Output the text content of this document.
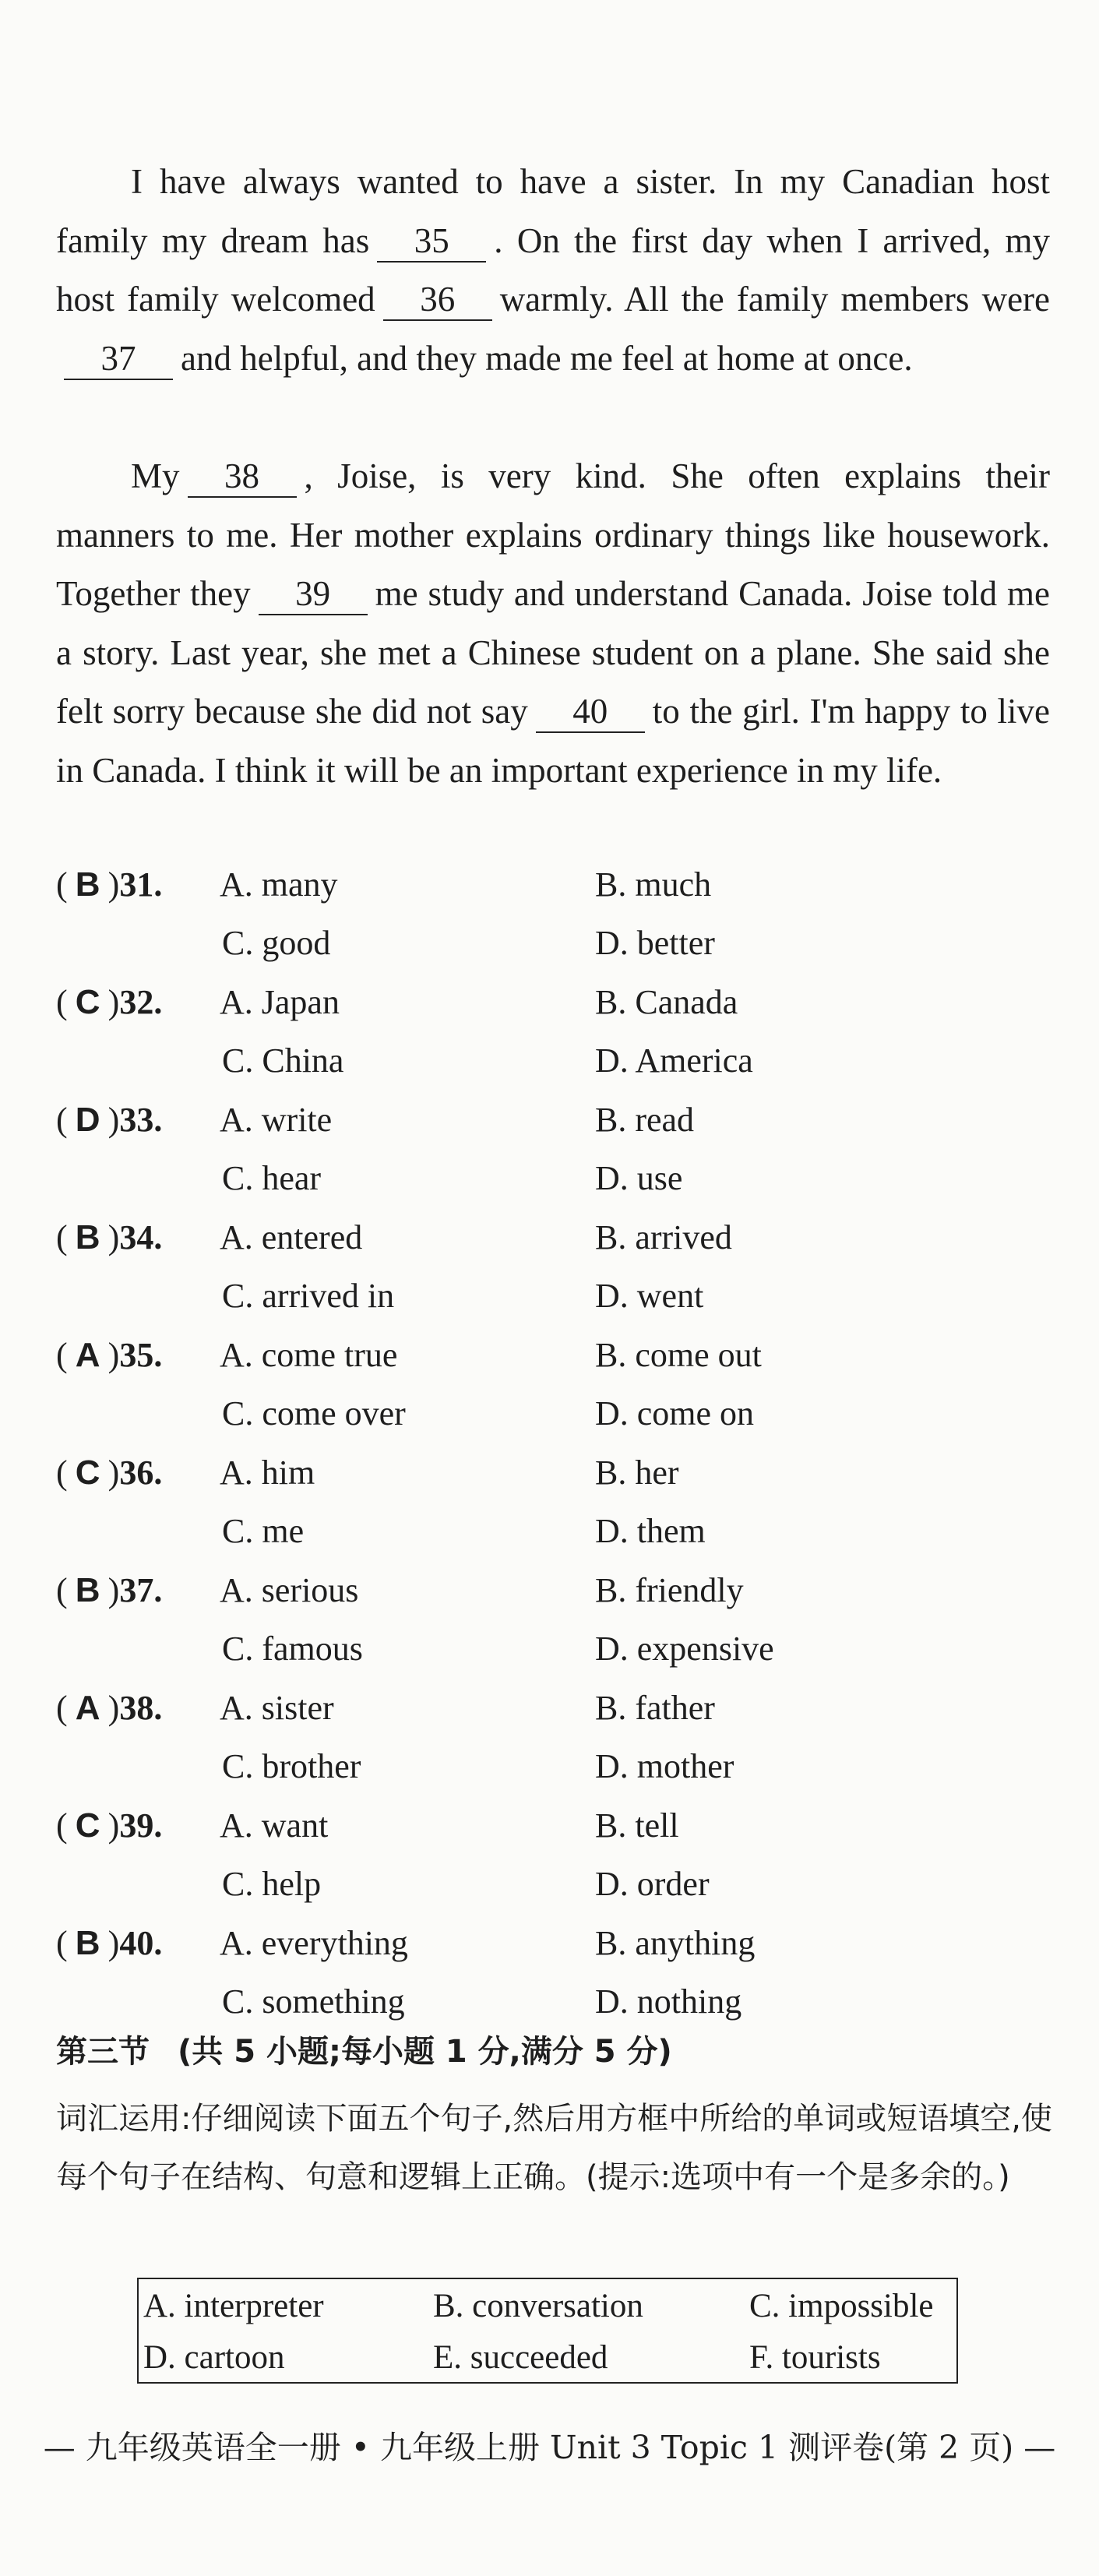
I have always wanted to have a sister. In my Canadian host family my dream has 35 . On the first day when I arrived, my host family welcomed 36 warmly. All the family members were37 and helpful, and they made me feel at home at once.

My 38 , Joise, is very kind. She often explains their manners to me. Her mother explains ordinary things like housework. Together they 39 me study and understand Canada. Joise told me a story. Last year, she met a Chinese student on a plane. She said she felt sorry because she did not say 40 to the girl. I'm happy to live in Canada. I think it will be an important experience in my life.

( B )31.	A. many	B. much
C. good	D. better
( C )32.	A. Japan	B. Canada
C. China	D. America
( D )33.	A. write	B. read
C. hear	D. use
( B )34.	A. entered	B. arrived
C. arrived in	D. went
( A )35.	A. come true	B. come out
C. come over	D. come on
( C )36.	A. him	B. her
C. me	D. them
( B )37.	A. serious	B. friendly
C. famous	D. expensive
( A )38.	A. sister	B. father
C. brother	D. mother
( C )39.	A. want	B. tell
C. help	D. order
( B )40.	A. everything	B. anything
C. something	D. nothing
第三节 (共 5 小题;每小题 1 分,满分 5 分)

词汇运用:仔细阅读下面五个句子,然后用方框中所给的单词或短语填空,使每个句子在结构、句意和逻辑上正确。(提示:选项中有一个是多余的。)

A. interpreter	B. conversation	C. impossible
D. cartoon	E. succeeded	F. tourists
— 九年级英语全一册 • 九年级上册 Unit 3 Topic 1 测评卷(第 2 页) —
